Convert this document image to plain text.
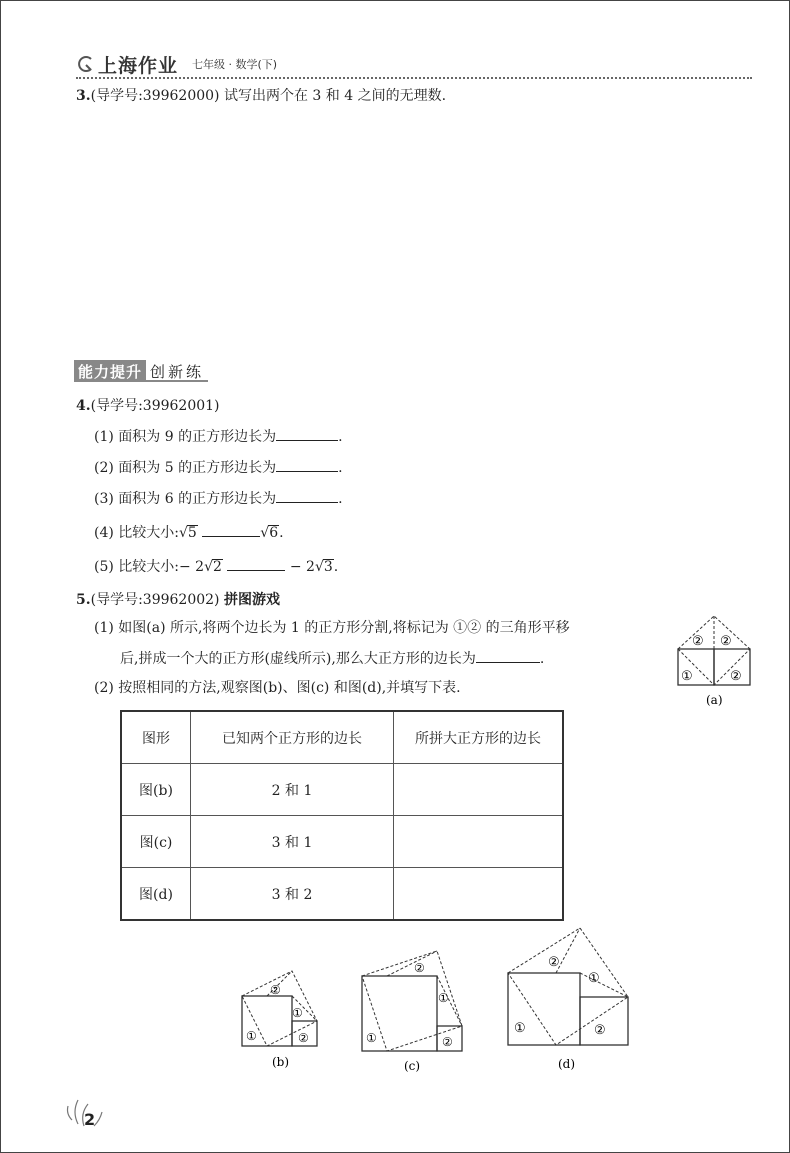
上海作业 七年级 · 数学(下)
3.(导学号:39962000) 试写出两个在 3 和 4 之间的无理数.
能力提升 创新练
4.(导学号:39962001)
(1) 面积为 9 的正方形边长为	.
(2) 面积为 5 的正方形边长为	.
(3) 面积为 6 的正方形边长为	.
(4) 比较大小:√5	√6.
(5) 比较大小:− 2√2	− 2√3.
5.(导学号:39962002) 拼图游戏
(1) 如图(a) 所示,将两个边长为 1 的正方形分割,将标记为 ①② 的三角形平移
后,拼成一个大的正方形(虚线所示),那么大正方形的边长为	.
(2) 按照相同的方法,观察图(b)、图(c) 和图(d),并填写下表.
② ②
①	②
(a)
图形	已知两个正方形的边长	所拼大正方形的边长
图(b)	2 和 1	
图(c)	3 和 1	
图(d)	3 和 2	
②
①
①	②
(b)
②
①
①	②
(c)
②
①
①	②
(d)
2
